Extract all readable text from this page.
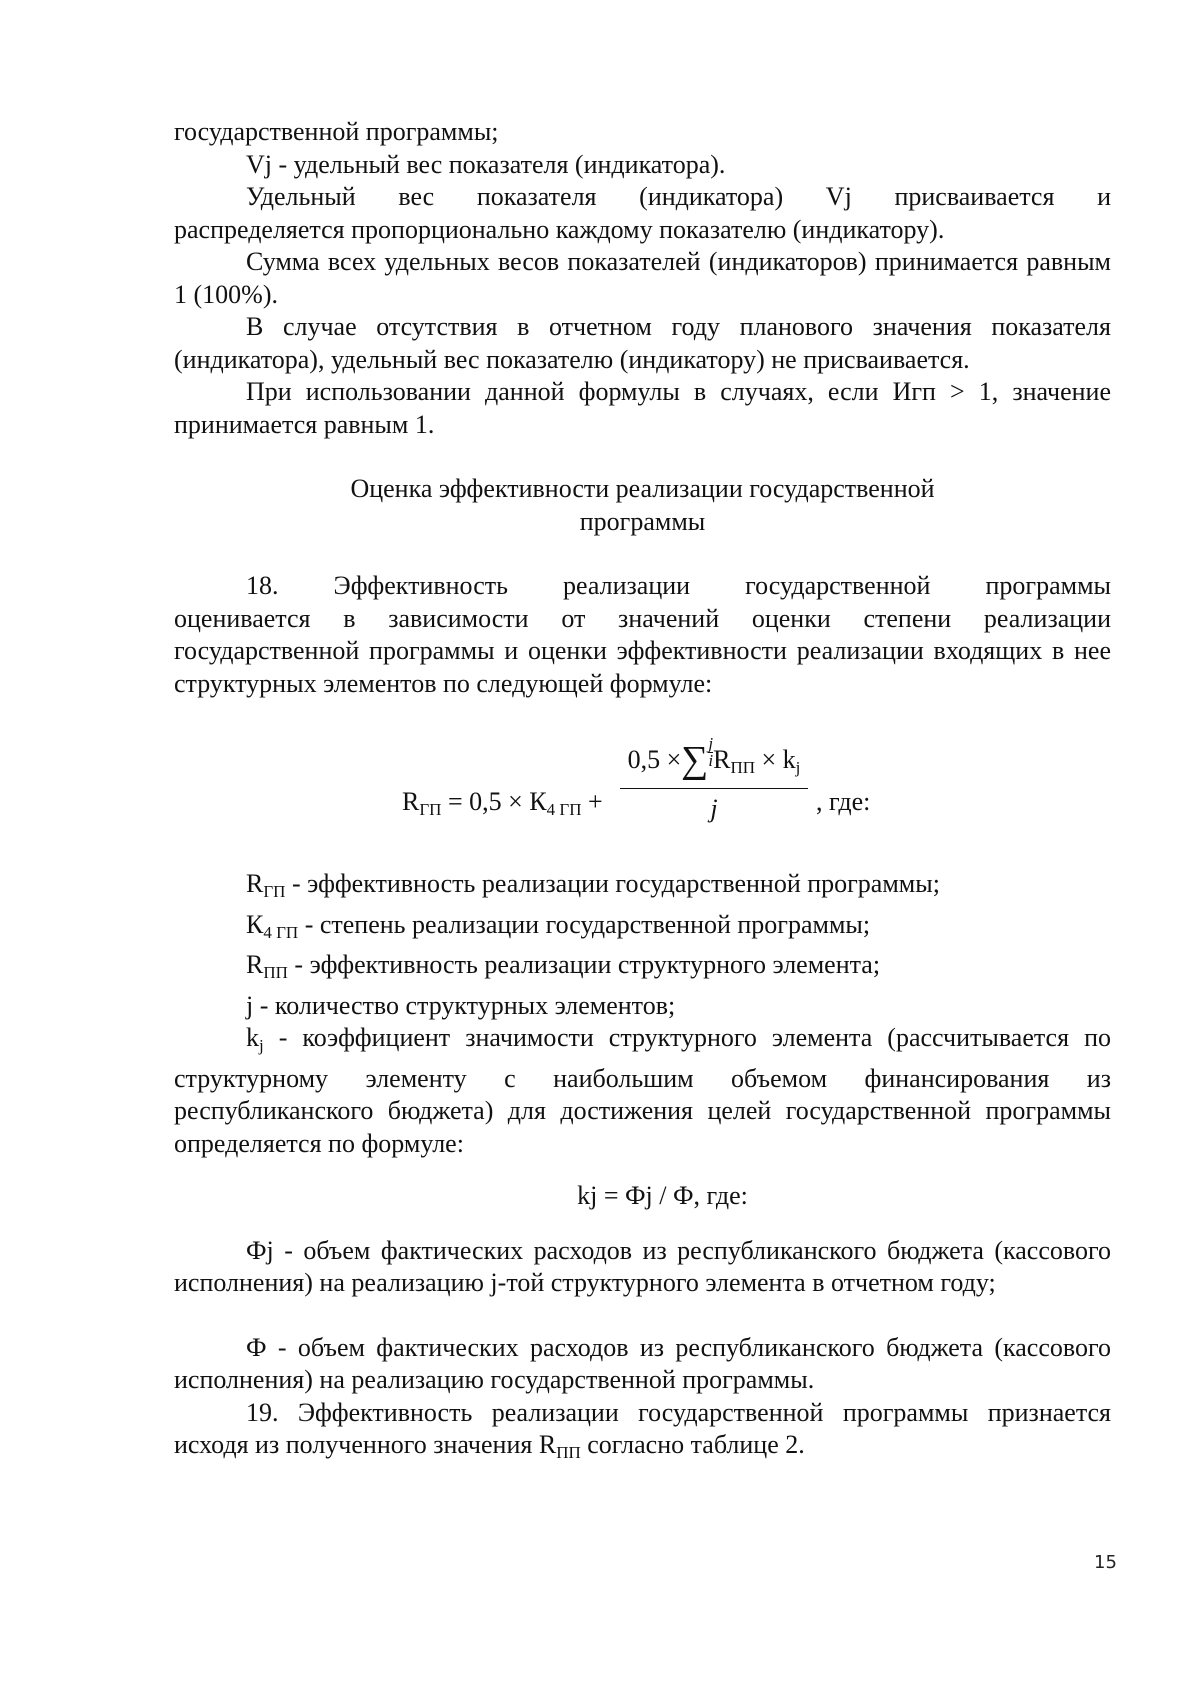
государственной программы;

Vj - удельный вес показателя (индикатора).

Удельный вес показателя (индикатора) Vj присваивается и

распределяется пропорционально каждому показателю (индикатору).

Сумма всех удельных весов показателей (индикаторов) принимается равным 1 (100%).

В случае отсутствия в отчетном году планового значения показателя (индикатора), удельный вес показателю (индикатору) не присваивается.

При использовании данной формулы в случаях, если Игп > 1, значение принимается равным 1.

Оценка эффективности реализации государственной

программы

18. Эффективность реализации государственной программы

оценивается в зависимости от значений оценки степени реализации государственной программы и оценки эффективности реализации входящих в нее структурных элементов по следующей формуле:

$R_{ГП} = 0,5 \times К_{4 ГП}$ +
0,5 ×∑ $\frac{j}{i}R_{ПП} \times k_j$
j	, где:

$R_{ГП}$ - эффективность реализации государственной программы;

$К_{4 ГП}$ - степень реализации государственной программы;

$R_{ПП}$ - эффективность реализации структурного элемента;

j - количество структурных элементов;

$k_j$ - коэффициент значимости структурного элемента (рассчитывается по структурному элементу с наибольшим объемом финансирования из республиканского бюджета) для достижения целей государственной программы определяется по формуле:

kj = Фj / Ф, где:

Фj - объем фактических расходов из республиканского бюджета (кассового исполнения) на реализацию j-той структурного элемента в отчетном году;

Ф - объем фактических расходов из республиканского бюджета (кассового исполнения) на реализацию государственной программы.

19. Эффективность реализации государственной программы признается исходя из полученного значения $R_{ПП}$ согласно таблице 2.

15
